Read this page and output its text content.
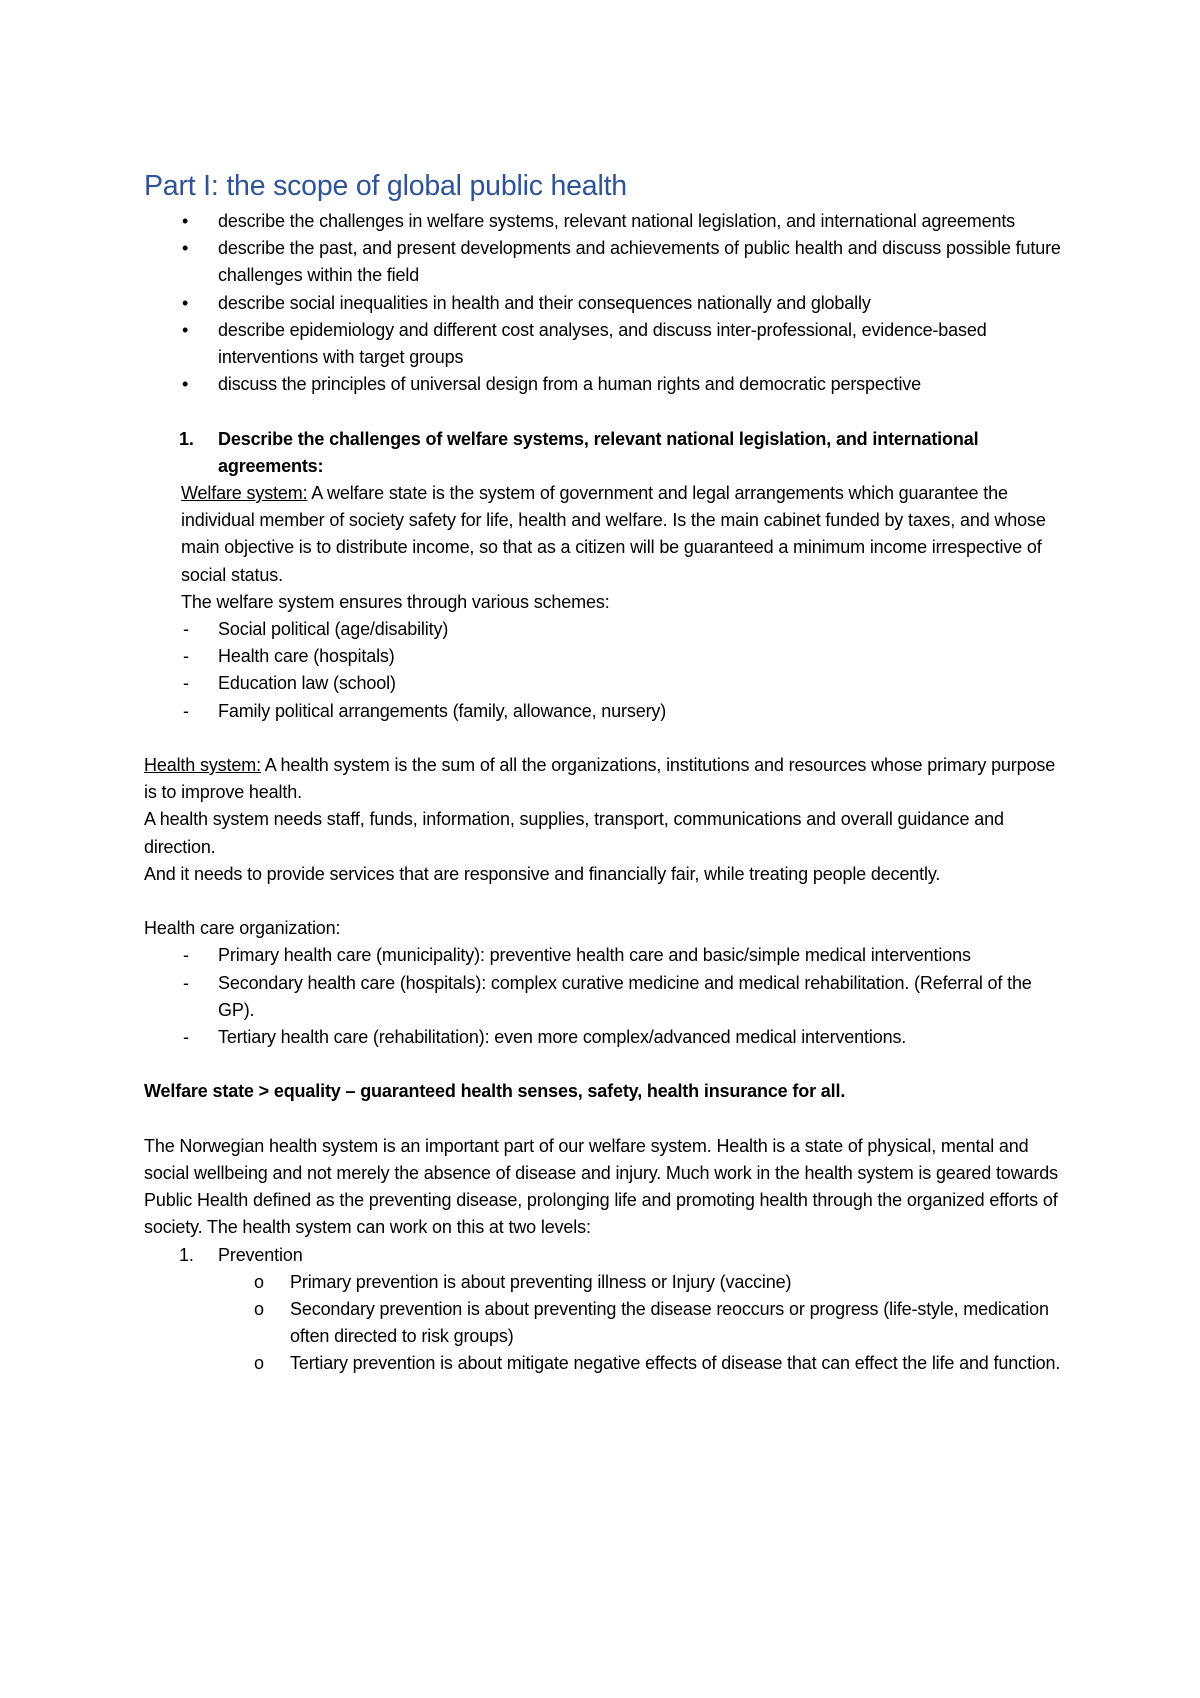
Part I: the scope of global public health
• describe the challenges in welfare systems, relevant national legislation, and international agreements
• describe the past, and present developments and achievements of public health and discuss possible future challenges within the field
• describe social inequalities in health and their consequences nationally and globally
• describe epidemiology and different cost analyses, and discuss inter-professional, evidence-based interventions with target groups
• discuss the principles of universal design from a human rights and democratic perspective
1. Describe the challenges of welfare systems, relevant national legislation, and international agreements:
Welfare system: A welfare state is the system of government and legal arrangements which guarantee the individual member of society safety for life, health and welfare. Is the main cabinet funded by taxes, and whose main objective is to distribute income, so that as a citizen will be guaranteed a minimum income irrespective of social status.
The welfare system ensures through various schemes:
- Social political (age/disability)
- Health care (hospitals)
- Education law (school)
- Family political arrangements (family, allowance, nursery)
Health system: A health system is the sum of all the organizations, institutions and resources whose primary purpose is to improve health.
A health system needs staff, funds, information, supplies, transport, communications and overall guidance and direction.
And it needs to provide services that are responsive and financially fair, while treating people decently.
Health care organization:
- Primary health care (municipality): preventive health care and basic/simple medical interventions
- Secondary health care (hospitals): complex curative medicine and medical rehabilitation. (Referral of the GP).
- Tertiary health care (rehabilitation): even more complex/advanced medical interventions.
Welfare state > equality – guaranteed health senses, safety, health insurance for all.
The Norwegian health system is an important part of our welfare system. Health is a state of physical, mental and social wellbeing and not merely the absence of disease and injury. Much work in the health system is geared towards Public Health defined as the preventing disease, prolonging life and promoting health through the organized efforts of society. The health system can work on this at two levels:
1. Prevention
o Primary prevention is about preventing illness or Injury (vaccine)
o Secondary prevention is about preventing the disease reoccurs or progress (life-style, medication often directed to risk groups)
o Tertiary prevention is about mitigate negative effects of disease that can effect the life and function.
